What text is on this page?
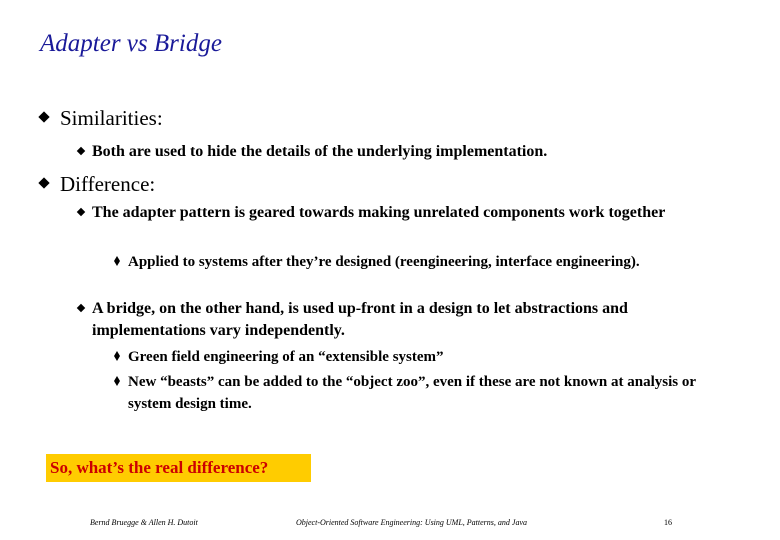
Adapter vs Bridge
Similarities:
Both are used to hide the details of the underlying implementation.
Difference:
The adapter pattern is geared towards making unrelated components work together
Applied to systems after they’re designed (reengineering, interface engineering).
A bridge, on the other hand, is used up-front in a design to let abstractions and implementations vary independently.
Green field engineering of an “extensible system”
New “beasts” can be added to the “object zoo”, even if these are not known at analysis or system design time.
So, what’s the real difference?
Bernd Bruegge & Allen H. Dutoit	Object-Oriented Software Engineering: Using UML, Patterns, and Java	16
